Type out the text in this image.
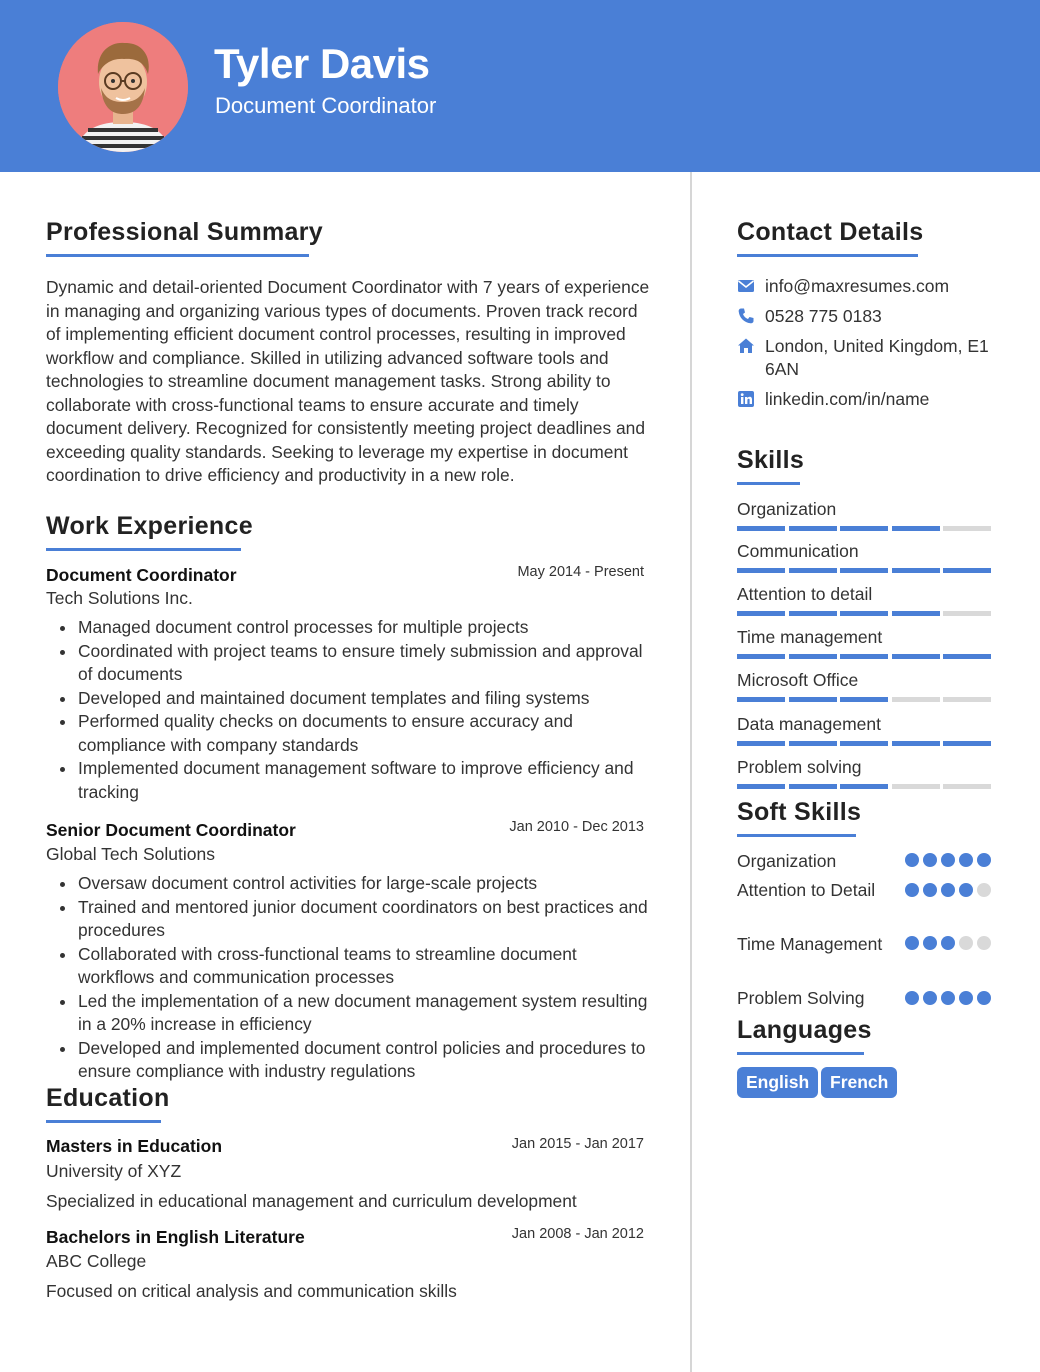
Tyler Davis
Document Coordinator
Professional Summary
Dynamic and detail-oriented Document Coordinator with 7 years of experience in managing and organizing various types of documents. Proven track record of implementing efficient document control processes, resulting in improved workflow and compliance. Skilled in utilizing advanced software tools and technologies to streamline document management tasks. Strong ability to collaborate with cross-functional teams to ensure accurate and timely document delivery. Recognized for consistently meeting project deadlines and exceeding quality standards. Seeking to leverage my expertise in document coordination to drive efficiency and productivity in a new role.
Work Experience
Document Coordinator	May 2014 - Present
Tech Solutions Inc.
Managed document control processes for multiple projects
Coordinated with project teams to ensure timely submission and approval of documents
Developed and maintained document templates and filing systems
Performed quality checks on documents to ensure accuracy and compliance with company standards
Implemented document management software to improve efficiency and tracking
Senior Document Coordinator	Jan 2010 - Dec 2013
Global Tech Solutions
Oversaw document control activities for large-scale projects
Trained and mentored junior document coordinators on best practices and procedures
Collaborated with cross-functional teams to streamline document workflows and communication processes
Led the implementation of a new document management system resulting in a 20% increase in efficiency
Developed and implemented document control policies and procedures to ensure compliance with industry regulations
Education
Masters in Education	Jan 2015 - Jan 2017
University of XYZ
Specialized in educational management and curriculum development
Bachelors in English Literature	Jan 2008 - Jan 2012
ABC College
Focused on critical analysis and communication skills
Contact Details
info@maxresumes.com
0528 775 0183
London, United Kingdom, E1 6AN
linkedin.com/in/name
Skills
Organization
Communication
Attention to detail
Time management
Microsoft Office
Data management
Problem solving
Soft Skills
Organization
Attention to Detail
Time Management
Problem Solving
Languages
English	French
